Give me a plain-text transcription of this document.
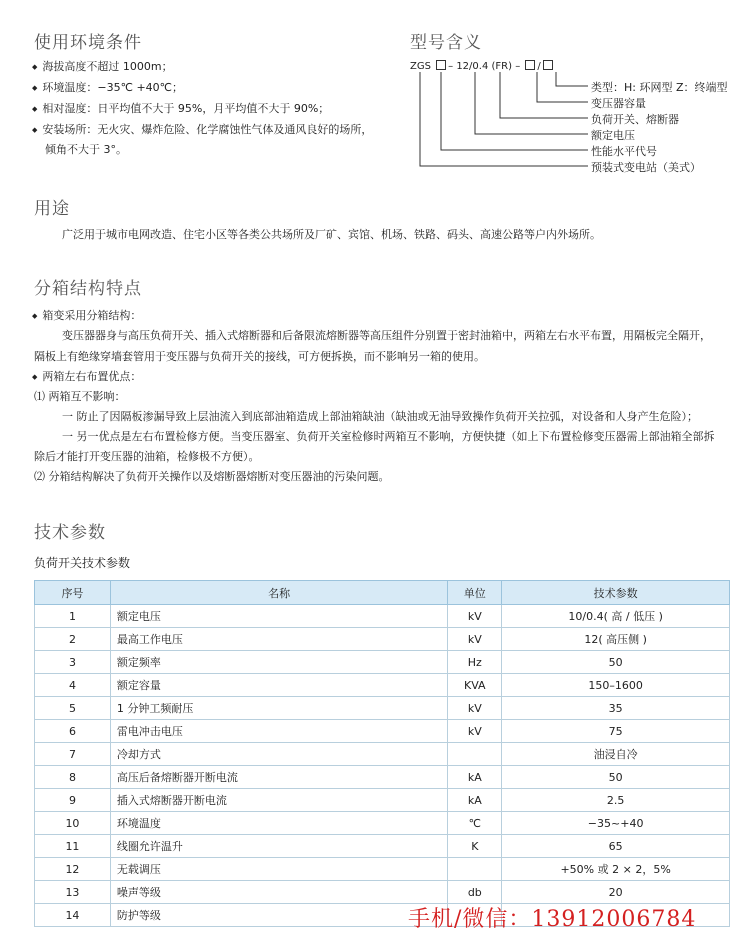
使用环境条件
◆ 海拔高度不超过 1000m；
◆ 环境温度：−35℃ +40℃；
◆ 相对湿度：日平均值不大于 95%，月平均值不大于 90%；
◆ 安装场所：无火灾、爆炸危险、化学腐蚀性气体及通风良好的场所，
倾角不大于 3°。
型号含义
ZGS – 12/0.4 (FR) – /
类型：H: 环网型 Z：终端型
变压器容量
负荷开关、熔断器
额定电压
性能水平代号
预装式变电站（美式）
用途
广泛用于城市电网改造、住宅小区等各类公共场所及厂矿、宾馆、机场、铁路、码头、高速公路等户内外场所。
分箱结构特点
◆ 箱变采用分箱结构：
变压器器身与高压负荷开关、插入式熔断器和后备限流熔断器等高压组件分别置于密封油箱中，两箱左右水平布置，用隔板完全隔开，
隔板上有绝缘穿墙套管用于变压器与负荷开关的接线，可方便拆换，而不影响另一箱的使用。
◆ 两箱左右布置优点：
⑴ 两箱互不影响：
一 防止了因隔板渗漏导致上层油流入到底部油箱造成上部油箱缺油（缺油或无油导致操作负荷开关拉弧，对设备和人身产生危险）；
一 另一优点是左右布置检修方便。当变压器室、负荷开关室检修时两箱互不影响，方便快捷（如上下布置检修变压器需上部油箱全部拆
除后才能打开变压器的油箱，检修极不方便）。
⑵ 分箱结构解决了负荷开关操作以及熔断器熔断对变压器油的污染问题。
技术参数
负荷开关技术参数
序号	名称	单位	技术参数
1	额定电压	kV	10/0.4( 高 / 低压 )
2	最高工作电压	kV	12( 高压侧 )
3	额定频率	Hz	50
4	额定容量	KVA	150–1600
5	1 分钟工频耐压	kV	35
6	雷电冲击电压	kV	75
7	冷却方式		油浸自冷
8	高压后备熔断器开断电流	kA	50
9	插入式熔断器开断电流	kA	2.5
10	环境温度	℃	−35~+40
11	线圈允许温升	K	65
12	无载调压		+50% 或 2 × 2，5%
13	噪声等级	db	20
14	防护等级			手机/微信：13912006784
